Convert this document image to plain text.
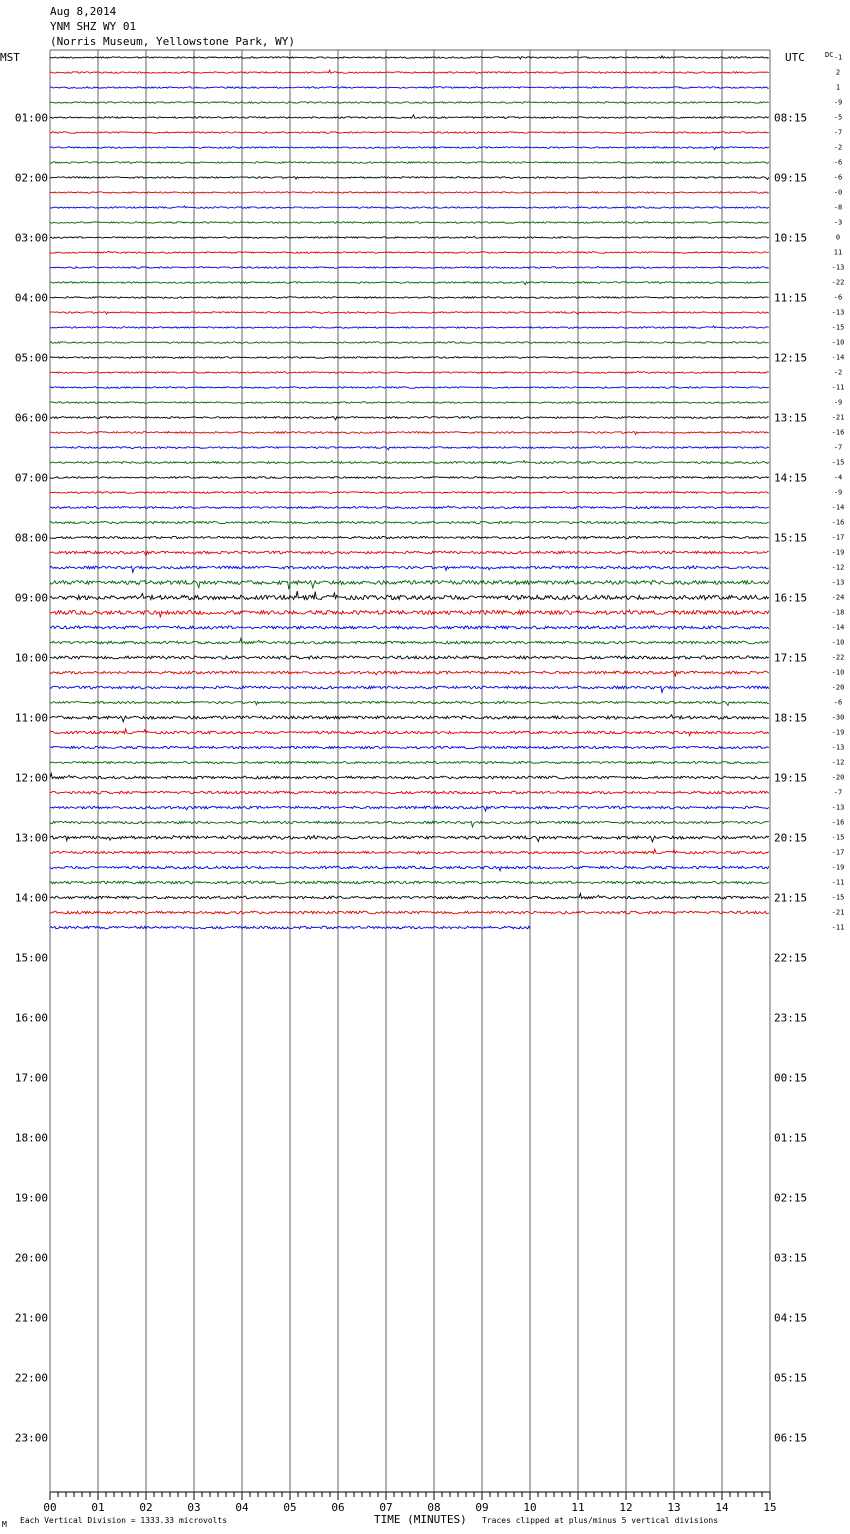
Aug 8,2014
YNM SHZ WY 01
(Norris Museum, Yellowstone Park, WY)
-1
2
1
-9
-5
-7
-2
-6
-6
-0
-8
-3
0
11
-13
-22
-6
-13
-15
-10
-14
-2
-11
-9
-21
-16
-7
-15
-4
-9
-14
-16
-17
-19
-12
-13
-24
-18
-14
-10
-22
-10
-20
-6
-30
-19
-13
-12
-20
-7
-13
-16
-15
-17
-19
-11
-15
-21
-11
01:00
02:00
03:00
04:00
05:00
06:00
07:00
08:00
09:00
10:00
11:00
12:00
13:00
14:00
15:00
16:00
17:00
18:00
19:00
20:00
21:00
22:00
23:00
08:15
09:15
10:15
11:15
12:15
13:15
14:15
15:15
16:15
17:15
18:15
19:15
20:15
21:15
22:15
23:15
00:15
01:15
02:15
03:15
04:15
05:15
06:15
00	01	02	03	04	05	06	07	08	09	10	11	12	13	14	15
MST	UTC	DC
M Each Vertical Division = 1333.33 microvolts	TIME (MINUTES) Traces clipped at plus/minus 5 vertical divisions
